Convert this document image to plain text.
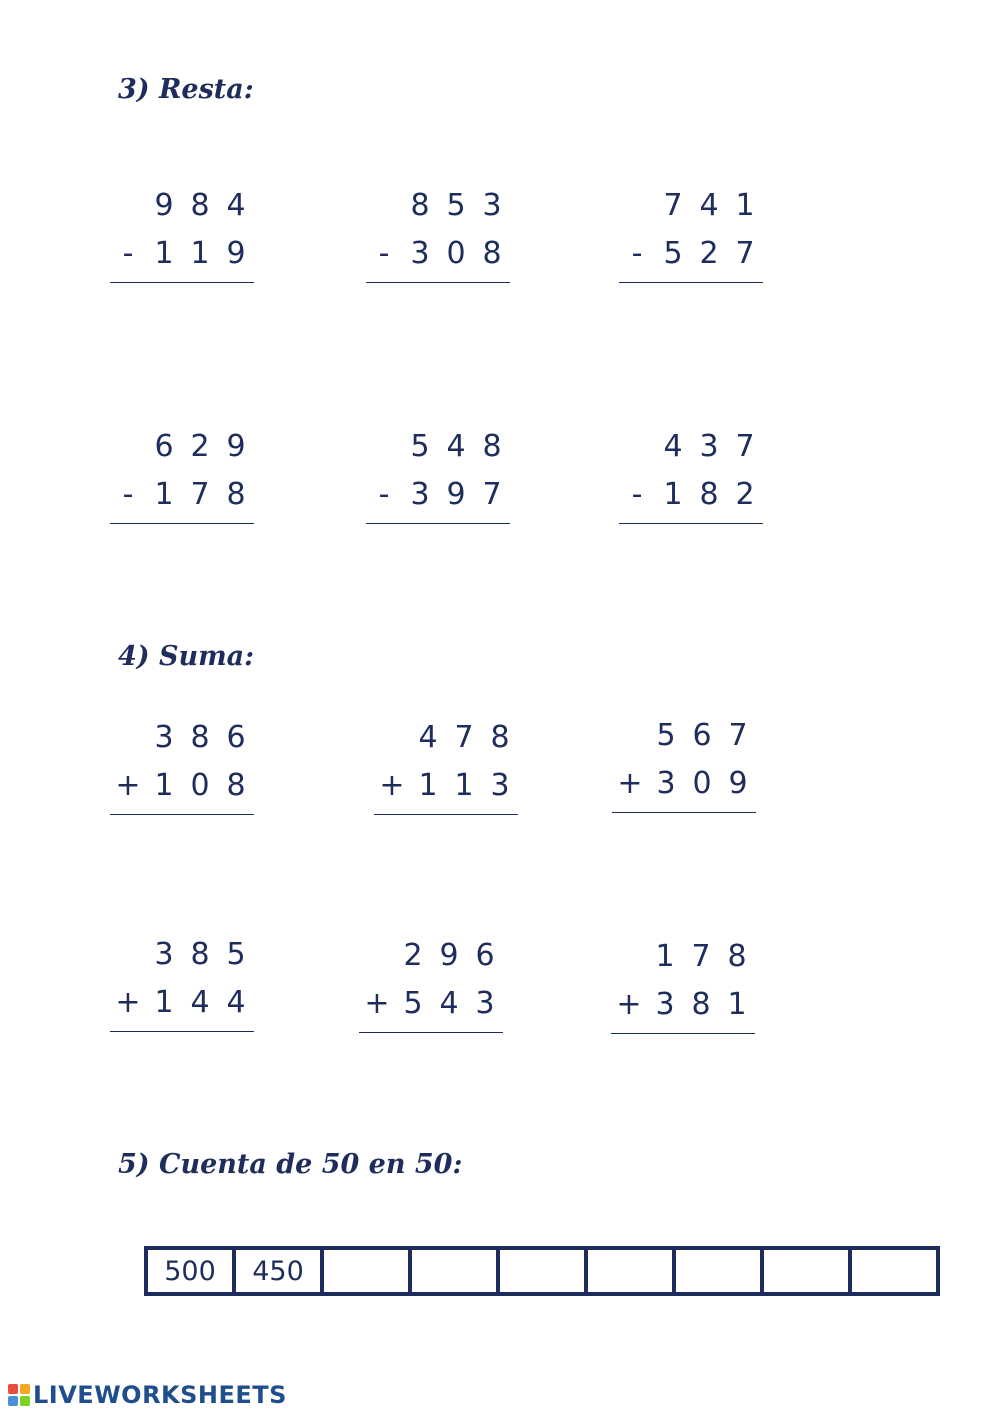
3) Resta:
9 8 4
- 1 1 9
8 5 3
- 3 0 8
7 4 1
- 5 2 7
6 2 9
- 1 7 8
5 4 8
- 3 9 7
4 3 7
- 1 8 2
4) Suma:
3 8 6
+ 1 0 8
4 7 8
+ 1 1 3
5 6 7
+ 3 0 9
3 8 5
+ 1 4 4
2 9 6
+ 5 4 3
1 7 8
+ 3 8 1
5) Cuenta de 50 en 50:
500	450							
LIVEWORKSHEETS
